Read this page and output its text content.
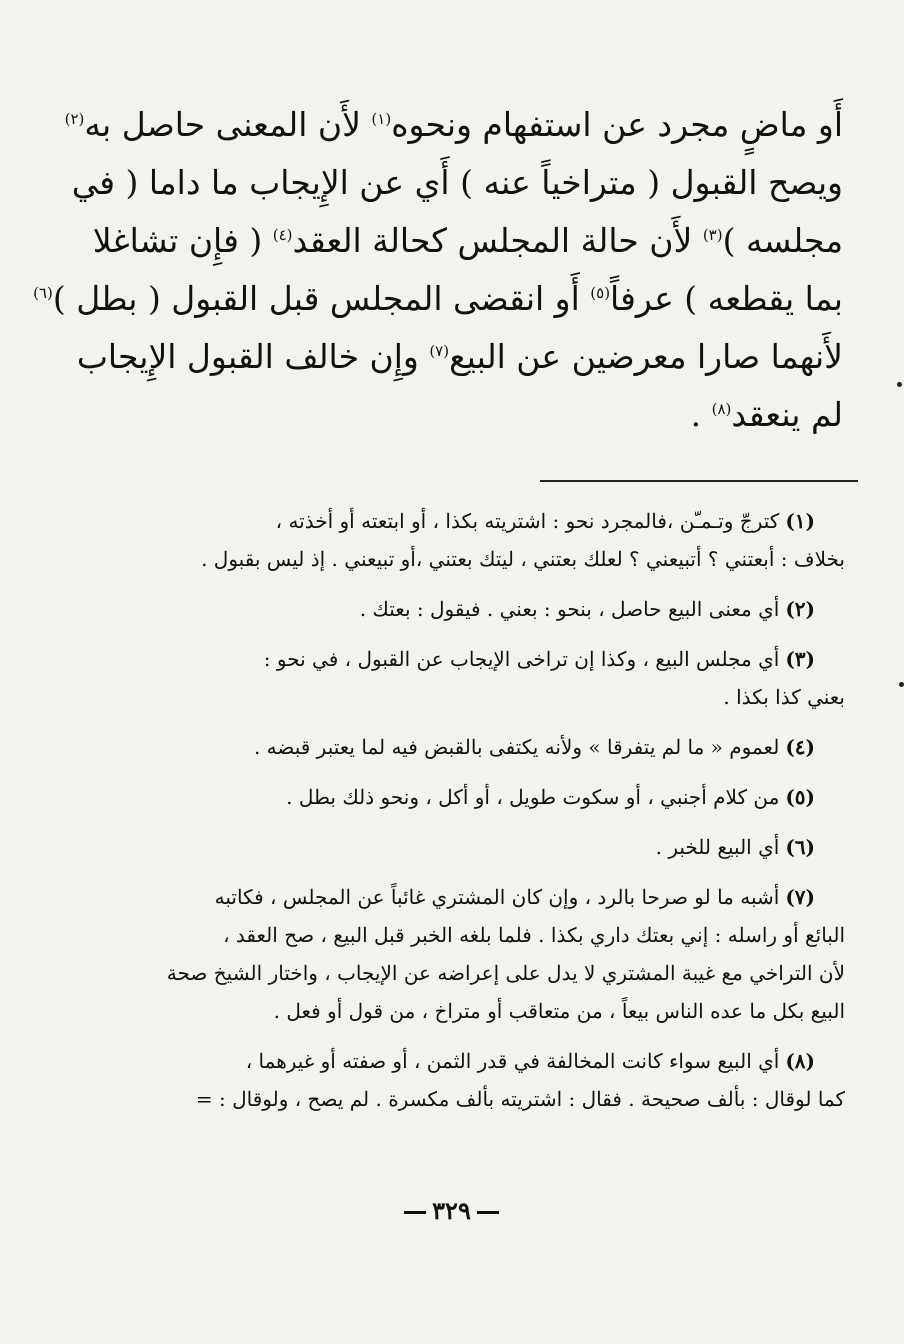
أَو ماضٍ مجرد عن استفهام ونحوه$^{(١)}$ لأَن المعنى حاصل به$^{(٢)}$
ويصح القبول ( متراخياً عنه ) أَي عن الإِيجاب ما داما ( في
مجلسه )$^{(٣)}$ لأَن حالة المجلس كحالة العقد$^{(٤)}$ ( فإِن تشاغلا
بما يقطعه ) عرفاً$^{(٥)}$ أَو انقضى المجلس قبل القبول ( بطل )$^{(٦)}$
لأَنهما صارا معرضين عن البيع$^{(٧)}$ وإِن خالف القبول الإِيجاب
لم ينعقد$^{(٨)}$ .
(١)كترجّ وتـمـّن ،فالمجرد نحو : اشتريته بكذا ، أو ابتعته أو أخذته ،
بخلاف : أبعتني ؟ أتبيعني ؟ لعلك بعتني ، ليتك بعتني ،أو تبيعني . إذ ليس بقبول .
(٢)أي معنى البيع حاصل ، بنحو : بعني . فيقول : بعتك .
(٣)أي مجلس البيع ، وكذا إن تراخى الإيجاب عن القبول ، في نحو :
بعني كذا بكذا .
(٤)لعموم « ما لم يتفرقا » ولأنه يكتفى بالقبض فيه لما يعتبر قبضه .
(٥)من كلام أجنبي ، أو سكوت طويل ، أو أكل ، ونحو ذلك بطل .
(٦)أي البيع للخبر .
(٧)أشبه ما لو صرحا بالرد ، وإن كان المشتري غائباً عن المجلس ، فكاتبه
البائع أو راسله : إني بعتك داري بكذا . فلما بلغه الخبر قبل البيع ، صح العقد ،
لأن التراخي مع غيبة المشتري لا يدل على إعراضه عن الإيجاب ، واختار الشيخ صحة
البيع بكل ما عده الناس بيعاً ، من متعاقب أو متراخ ، من قول أو فعل .
(٨)أي البيع سواء كانت المخالفة في قدر الثمن ، أو صفته أو غيرهما ،
كما لوقال : بألف صحيحة . فقال : اشتريته بألف مكسرة . لم يصح ، ولوقال : =
٣٢٩
